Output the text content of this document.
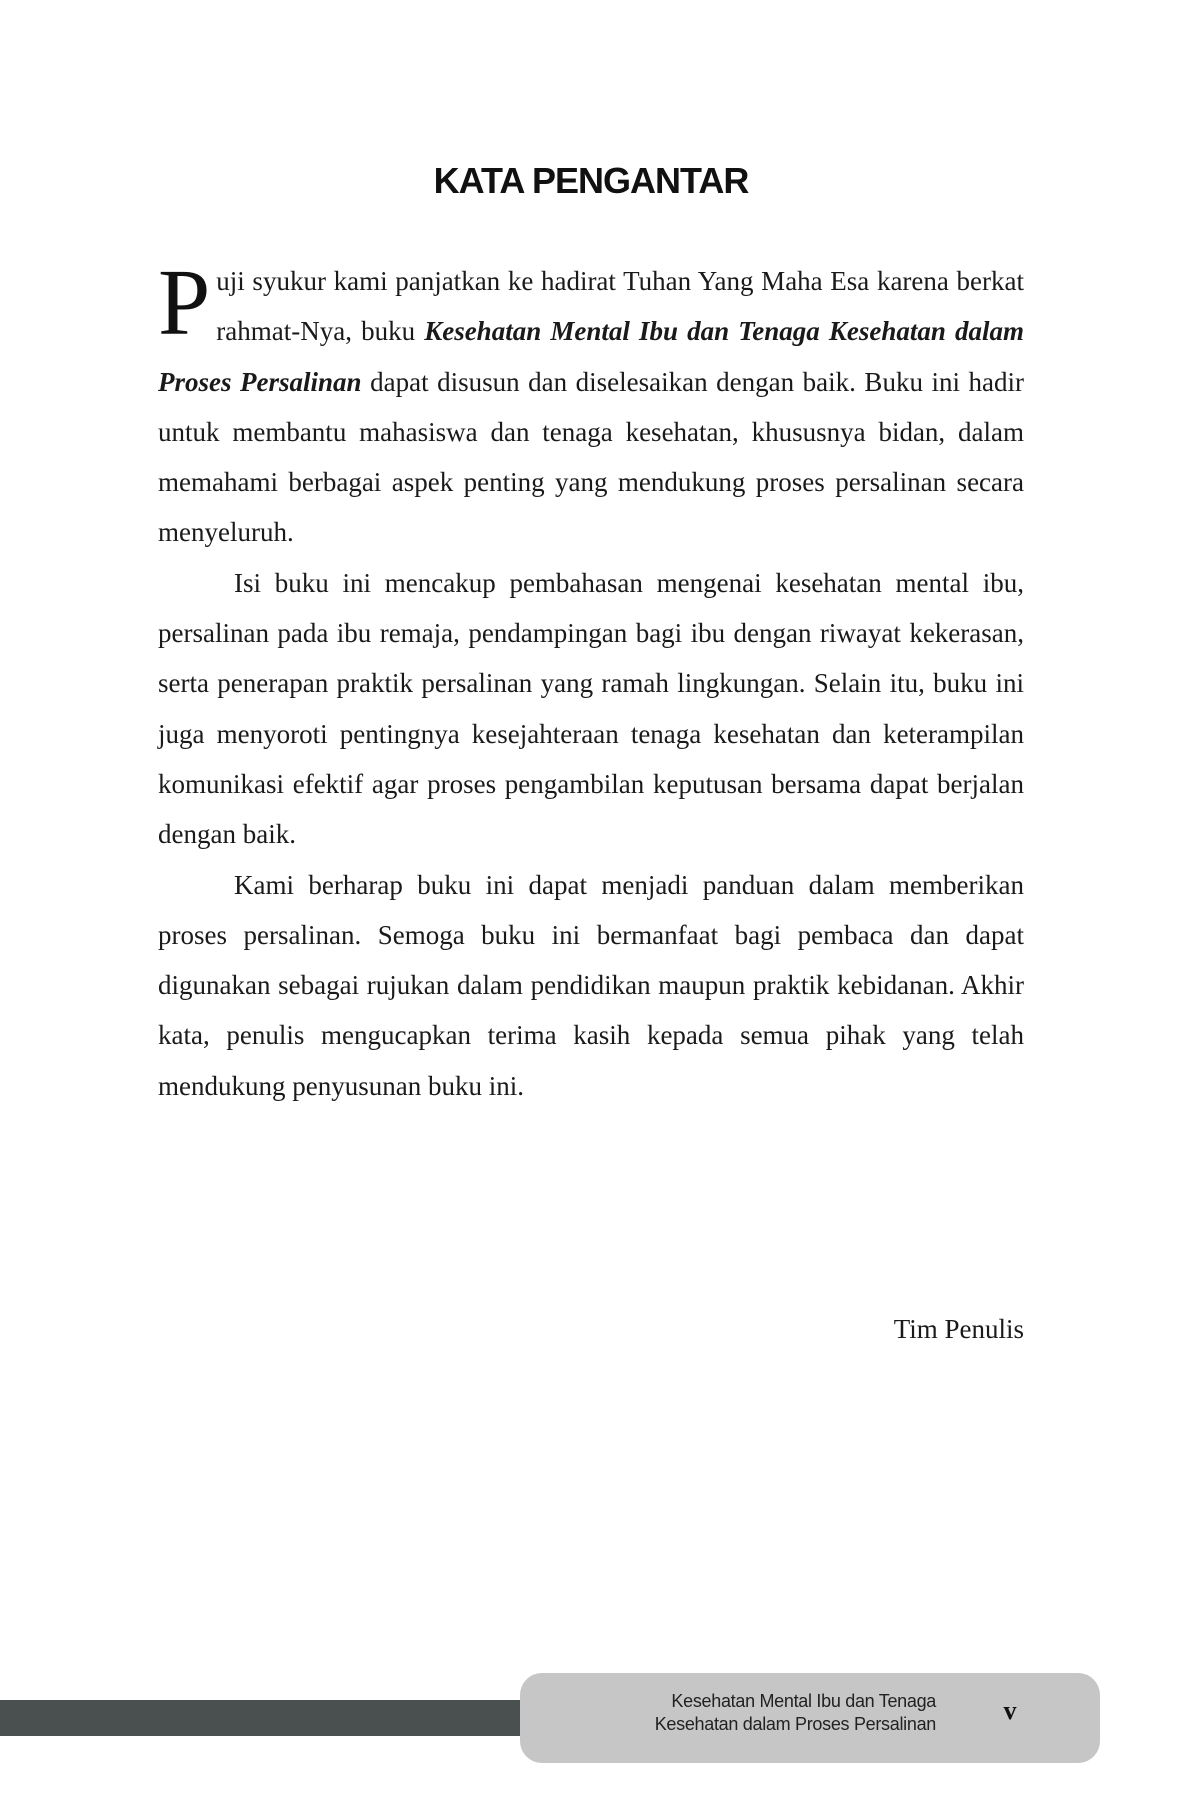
KATA PENGANTAR

Puji syukur kami panjatkan ke hadirat Tuhan Yang Maha Esa karena berkat rahmat-Nya, buku Kesehatan Mental Ibu dan Tenaga Kesehatan dalam Proses Persalinan dapat disusun dan diselesaikan dengan baik. Buku ini hadir untuk membantu mahasiswa dan tenaga kesehatan, khususnya bidan, dalam memahami berbagai aspek penting yang mendukung proses persalinan secara menyeluruh.

Isi buku ini mencakup pembahasan mengenai kesehatan mental ibu, persalinan pada ibu remaja, pendampingan bagi ibu dengan riwayat kekerasan, serta penerapan praktik persalinan yang ramah lingkungan. Selain itu, buku ini juga menyoroti pentingnya kesejahteraan tenaga kesehatan dan keterampilan komunikasi efektif agar proses pengambilan keputusan bersama dapat berjalan dengan baik.

Kami berharap buku ini dapat menjadi panduan dalam memberikan proses persalinan. Semoga buku ini bermanfaat bagi pembaca dan dapat digunakan sebagai rujukan dalam pendidikan maupun praktik kebidanan. Akhir kata, penulis mengucapkan terima kasih kepada semua pihak yang telah mendukung penyusunan buku ini.

Tim Penulis
Kesehatan Mental Ibu dan Tenaga
Kesehatan dalam Proses Persalinan	v
